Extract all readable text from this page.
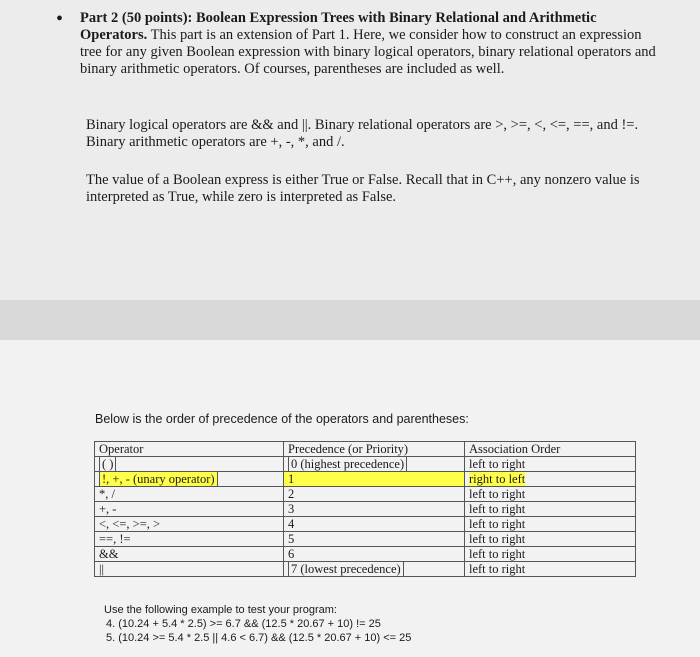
• Part 2 (50 points): Boolean Expression Trees with Binary Relational and Arithmetic Operators. This part is an extension of Part 1. Here, we consider how to construct an expression tree for any given Boolean expression with binary logical operators, binary relational operators and binary arithmetic operators. Of courses, parentheses are included as well.
Binary logical operators are && and ||. Binary relational operators are >, >=, <, <=, ==, and !=. Binary arithmetic operators are +, -, *, and /.
The value of a Boolean express is either True or False. Recall that in C++, any nonzero value is interpreted as True, while zero is interpreted as False.
Below is the order of precedence of the operators and parentheses:
Operator	Precedence (or Priority)	Association Order
( )	0 (highest precedence)	left to right
!, +, - (unary operator)	1	right to left
*, /	2	left to right
+, -	3	left to right
<, <=, >=, >	4	left to right
==, !=	5	left to right
&&	6	left to right
||	7 (lowest precedence)	left to right
Use the following example to test your program:
4. (10.24 + 5.4 * 2.5) >= 6.7 && (12.5 * 20.67 + 10) != 25
5. (10.24 >= 5.4 * 2.5 || 4.6 < 6.7) && (12.5 * 20.67 + 10) <= 25
